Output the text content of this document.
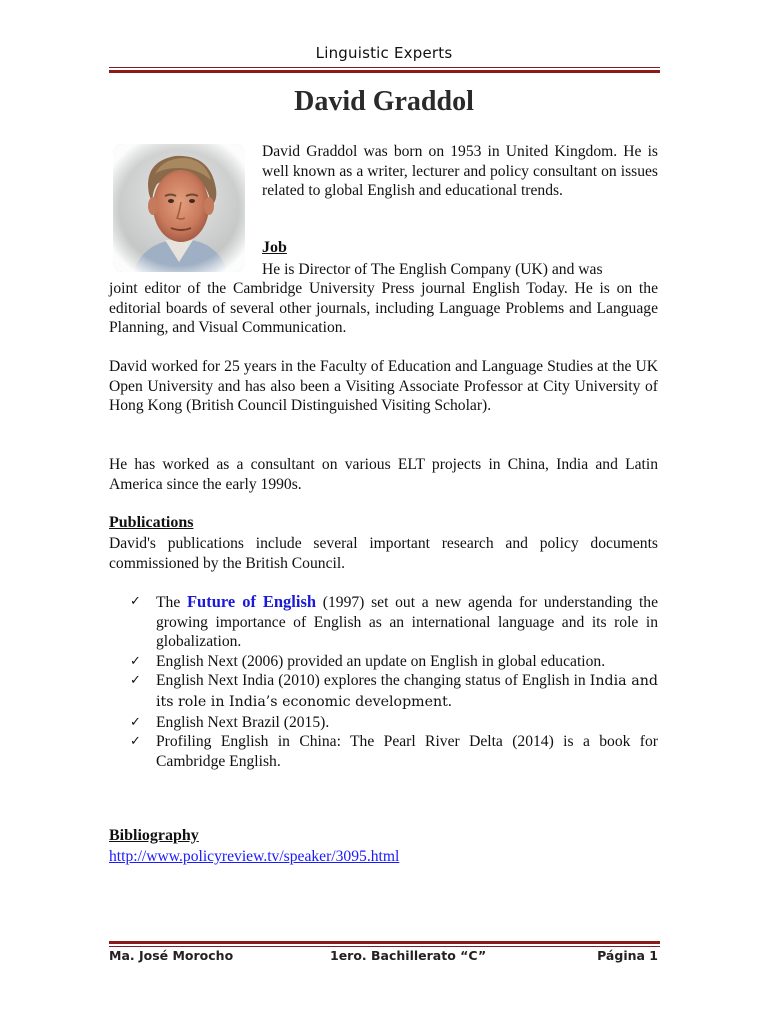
Linguistic Experts
David Graddol
David Graddol was born on 1953 in United Kingdom. He is well known as a writer, lecturer and policy consultant on issues related to global English and educational trends.
Job
He is Director of The English Company (UK) and was
joint editor of the Cambridge University Press journal English Today. He is on the editorial boards of several other journals, including Language Problems and Language Planning, and Visual Communication.
David worked for 25 years in the Faculty of Education and Language Studies at the UK Open University and has also been a Visiting Associate Professor at City University of Hong Kong (British Council Distinguished Visiting Scholar).
He has worked as a consultant on various ELT projects in China, India and Latin America since the early 1990s.
Publications
David's publications include several important research and policy documents commissioned by the British Council.
✓ The Future of English (1997) set out a new agenda for understanding the growing importance of English as an international language and its role in globalization.
✓ English Next (2006) provided an update on English in global education.
✓ English Next India (2010) explores the changing status of English in India and its role in India’s economic development.
✓ English Next Brazil (2015).
✓ Profiling English in China: The Pearl River Delta (2014) is a book for Cambridge English.
Bibliography
http://www.policyreview.tv/speaker/3095.html
Ma. José Morocho	1ero. Bachillerato “C”	Página 1
